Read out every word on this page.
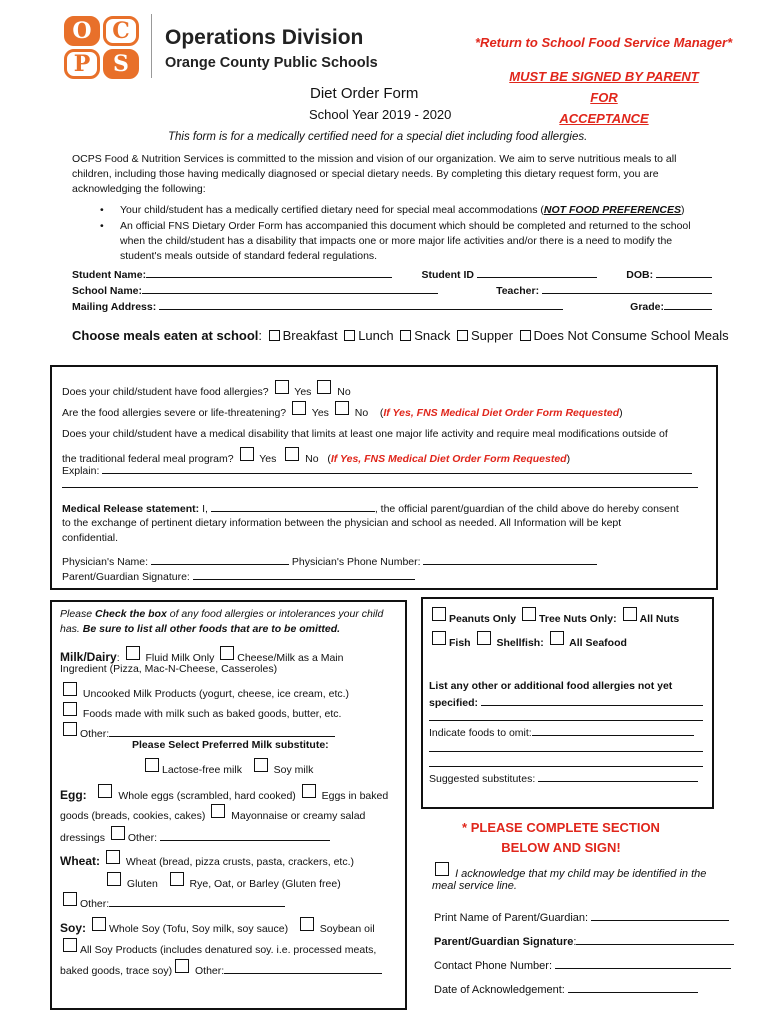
O C
P	S
Operations Division
Orange County Public Schools
*Return to School Food Service Manager*
MUST BE SIGNED BY PARENT FOR
ACCEPTANCE
Diet Order Form
School Year 2019 - 2020
This form is for a medically certified need for a special diet including food allergies.
OCPS Food & Nutrition Services is committed to the mission and vision of our organization. We aim to serve nutritious meals to all children, including those having medically diagnosed or special dietary needs. By completing this dietary request form, you are acknowledging the following:
• Your child/student has a medically certified dietary need for special meal accommodations (NOT FOOD PREFERENCES)
• An official FNS Dietary Order Form has accompanied this document which should be completed and returned to the school when the child/student has a disability that impacts one or more major life activities and/or there is a need to modify the student's meals outside of standard federal regulations.
Student Name:	Student ID	DOB:
School Name:	Teacher:
Mailing Address:	Grade:
Choose meals eaten at school: Breakfast Lunch Snack Supper Does Not Consume School Meals
Does your child/student have food allergies? Yes No
Are the food allergies severe or life-threatening? Yes No    (If Yes, FNS Medical Diet Order Form Requested)
Does your child/student have a medical disability that limits at least one major life activity and require meal modifications outside of
the traditional federal meal program? Yes	No   (If Yes, FNS Medical Diet Order Form Requested)
Explain:
Medical Release statement: I,	, the official parent/guardian of the child above do hereby consent
to the exchange of pertinent dietary information between the physician and school as needed. All Information will be kept
confidential.
Physician's Name:	Physician's Phone Number:
Parent/Guardian Signature:
Please Check the box of any food allergies or intolerances your child
has. Be sure to list all other foods that are to be omitted.
Milk/Dairy:  Fluid Milk Only Cheese/Milk as a Main
Ingredient (Pizza, Mac-N-Cheese, Casseroles)
Uncooked Milk Products (yogurt, cheese, ice cream, etc.)
Foods made with milk such as baked goods, butter, etc.
Other:
Please Select Preferred Milk substitute:
Lactose-free milk	Soy milk
Egg:	Whole eggs (scrambled, hard cooked) Eggs in baked
goods (breads, cookies, cakes) Mayonnaise or creamy salad
dressings Other:
Wheat: Wheat (bread, pizza crusts, pasta, crackers, etc.)
Gluten	Rye, Oat, or Barley (Gluten free)
Other:
Soy: Whole Soy (Tofu, Soy milk, soy sauce)	Soybean oil
All Soy Products (includes denatured soy. i.e. processed meats,
baked goods, trace soy) Other:
Peanuts Only Tree Nuts Only: All Nuts
Fish Shellfish: All Seafood
List any other or additional food allergies not yet
specified:
Indicate foods to omit:
Suggested substitutes:
* PLEASE COMPLETE SECTION
BELOW AND SIGN!
I acknowledge that my child may be identified in the
meal service line.
Print Name of Parent/Guardian:
Parent/Guardian Signature:
Contact Phone Number:
Date of Acknowledgement:
